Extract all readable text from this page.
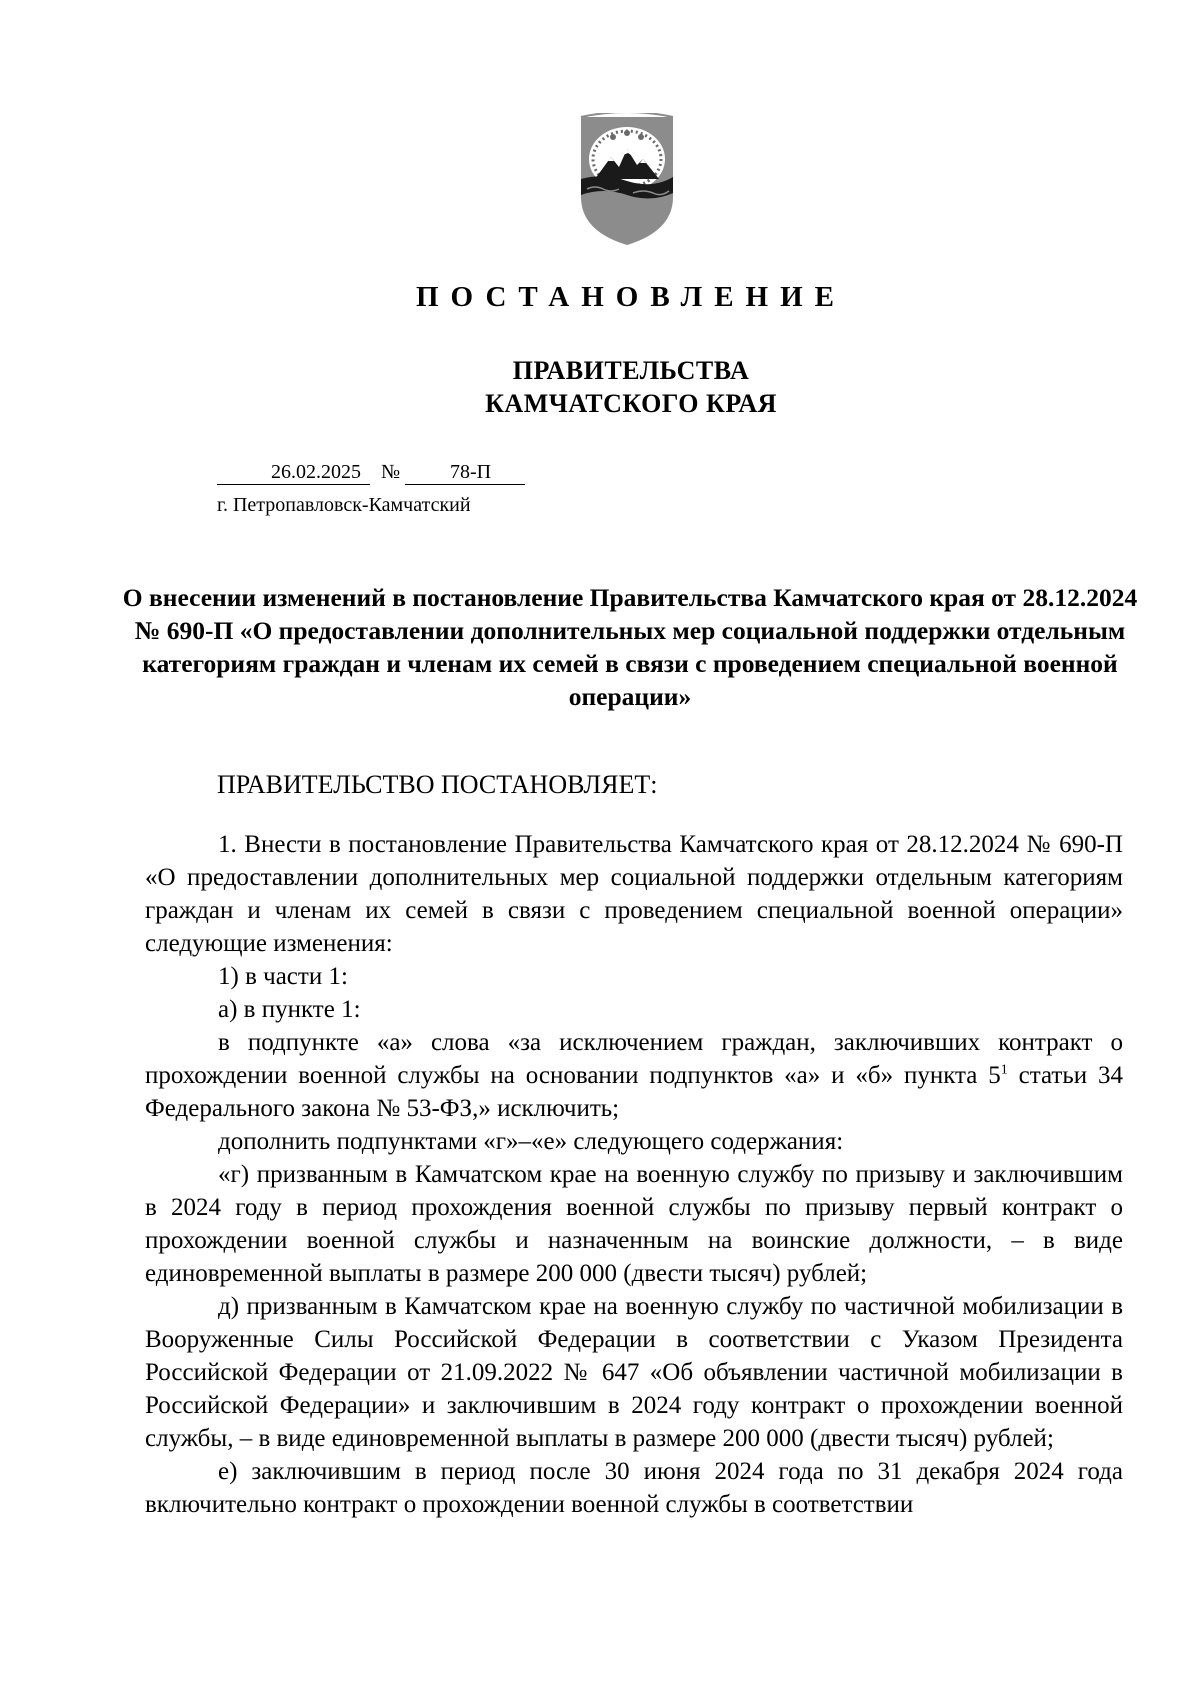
ПОСТАНОВЛЕНИЕ
ПРАВИТЕЛЬСТВА
КАМЧАТСКОГО КРАЯ
26.02.2025	№	78-П
г. Петропавловск-Камчатский
О внесении изменений в постановление Правительства Камчатского края от 28.12.2024 № 690-П «О предоставлении дополнительных мер социальной поддержки отдельным категориям граждан и членам их семей в связи с проведением специальной военной операции»
ПРАВИТЕЛЬСТВО ПОСТАНОВЛЯЕТ:

1. Внести в постановление Правительства Камчатского края от 28.12.2024 № 690-П «О предоставлении дополнительных мер социальной поддержки отдельным категориям граждан и членам их семей в связи с проведением специальной военной операции» следующие изменения:

1) в части 1:

а) в пункте 1:

в подпункте «а» слова «за исключением граждан, заключивших контракт о прохождении военной службы на основании подпунктов «а» и «б» пункта $5^1$ статьи 34 Федерального закона № 53-ФЗ,» исключить;

дополнить подпунктами «г»–«е» следующего содержания:

«г) призванным в Камчатском крае на военную службу по призыву и заключившим в 2024 году в период прохождения военной службы по призыву первый контракт о прохождении военной службы и назначенным на воинские должности, – в виде единовременной выплаты в размере 200 000 (двести тысяч) рублей;

д) призванным в Камчатском крае на военную службу по частичной мобилизации в Вооруженные Силы Российской Федерации в соответствии с Указом Президента Российской Федерации от 21.09.2022 № 647 «Об объявлении частичной мобилизации в Российской Федерации» и заключившим в 2024 году контракт о прохождении военной службы, – в виде единовременной выплаты в размере 200 000 (двести тысяч) рублей;

е) заключившим в период после 30 июня 2024 года по 31 декабря 2024 года включительно контракт о прохождении военной службы в соответствии
